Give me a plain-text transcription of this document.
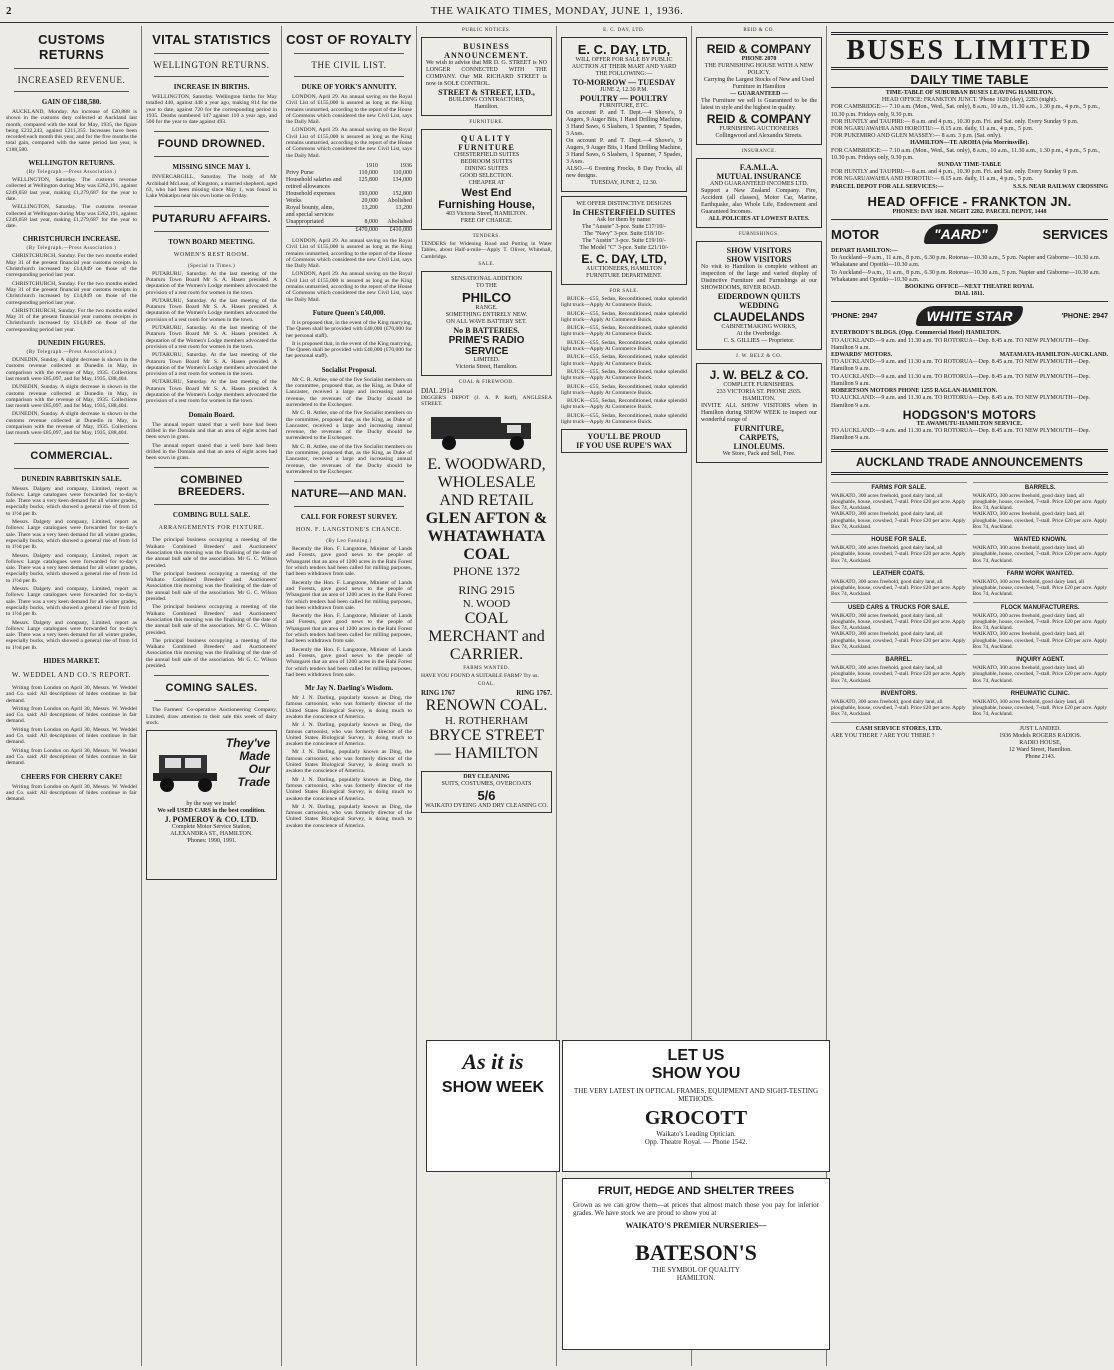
2	THE WAIKATO TIMES, MONDAY, JUNE 1, 1936.
CUSTOMS RETURNS
INCREASED REVENUE.
GAIN OF £188,580.

AUCKLAND, Monday. An increase of £20,888 is shown in the customs duty collected at Auckland last month, compared with the total for May, 1935, the figure being £232,243, against £211,355. Increases have been recorded each month this year, and for the five months the total gain, compared with the same period last year, is £188,580.

WELLINGTON RETURNS.
(By Telegraph.—Press Association.)

WELLINGTON, Saturday. The customs revenue collected at Wellington during May was £262,191, against £249,658 last year, making £1,279,687 for the year to date.

WELLINGTON, Saturday. The customs revenue collected at Wellington during May was £262,191, against £249,658 last year, making £1,279,687 for the year to date.

CHRISTCHURCH INCREASE.
(By Telegraph.—Press Association.)

CHRISTCHURCH, Sunday. For the two months ended May 31 of the present financial year customs receipts in Christchurch increased by £14,849 on those of the corresponding period last year.

CHRISTCHURCH, Sunday. For the two months ended May 31 of the present financial year customs receipts in Christchurch increased by £14,849 on those of the corresponding period last year.

CHRISTCHURCH, Sunday. For the two months ended May 31 of the present financial year customs receipts in Christchurch increased by £14,849 on those of the corresponding period last year.

DUNEDIN FIGURES.
(By Telegraph.—Press Association.)

DUNEDIN, Sunday. A slight decrease is shown in the customs revenue collected at Dunedin in May, in comparison with the revenue of May, 1935. Collections last month were £85,097, and for May, 1935, £88,404.

DUNEDIN, Sunday. A slight decrease is shown in the customs revenue collected at Dunedin in May, in comparison with the revenue of May, 1935. Collections last month were £85,097, and for May, 1935, £88,404.

DUNEDIN, Sunday. A slight decrease is shown in the customs revenue collected at Dunedin in May, in comparison with the revenue of May, 1935. Collections last month were £85,097, and for May, 1935, £88,404.

COMMERCIAL.
DUNEDIN RABBITSKIN SALE.

Messrs. Dalgety and company, Limited, report as follows: Large catalogues were forwarded for to-day's sale. There was a very keen demand for all winter grades, especially bucks, which showed a general rise of from 1d to 1½d per lb.

Messrs. Dalgety and company, Limited, report as follows: Large catalogues were forwarded for to-day's sale. There was a very keen demand for all winter grades, especially bucks, which showed a general rise of from 1d to 1½d per lb.

Messrs. Dalgety and company, Limited, report as follows: Large catalogues were forwarded for to-day's sale. There was a very keen demand for all winter grades, especially bucks, which showed a general rise of from 1d to 1½d per lb.

Messrs. Dalgety and company, Limited, report as follows: Large catalogues were forwarded for to-day's sale. There was a very keen demand for all winter grades, especially bucks, which showed a general rise of from 1d to 1½d per lb.

Messrs. Dalgety and company, Limited, report as follows: Large catalogues were forwarded for to-day's sale. There was a very keen demand for all winter grades, especially bucks, which showed a general rise of from 1d to 1½d per lb.

HIDES MARKET.
W. WEDDEL AND CO.'S REPORT.

Writing from London on April 30, Messrs. W. Weddel and Co. said: All descriptions of hides continue in fair demand.

Writing from London on April 30, Messrs. W. Weddel and Co. said: All descriptions of hides continue in fair demand.

Writing from London on April 30, Messrs. W. Weddel and Co. said: All descriptions of hides continue in fair demand.

Writing from London on April 30, Messrs. W. Weddel and Co. said: All descriptions of hides continue in fair demand.

CHEERS FOR CHERRY CAKE!

Writing from London on April 30, Messrs. W. Weddel and Co. said: All descriptions of hides continue in fair demand.

VITAL STATISTICS
WELLINGTON RETURNS.
INCREASE IN BIRTHS.

WELLINGTON, Saturday. Wellington births for May totalled 440, against 448 a year ago, making 814 for the year to date, against 720 for the corresponding period in 1935. Deaths numbered 147 against 110 a year ago, and 500 for the year to date against 493.

FOUND DROWNED.
MISSING SINCE MAY 1.

INVERCARGILL, Saturday. The body of Mr Archibald McLean, of Kingston, a married shepherd, aged 63, who had been missing since May 1, was found in Lake Wakatipu near his own home on Friday.

PUTARURU AFFAIRS.
TOWN BOARD MEETING.
WOMEN'S REST ROOM.
(Special to Times.)

PUTARURU, Saturday. At the last meeting of the Putaruru Town Board Mr S. A. Hasen presided. A deputation of the Women's Lodge members advocated the provision of a rest room for women in the town.

PUTARURU, Saturday. At the last meeting of the Putaruru Town Board Mr S. A. Hasen presided. A deputation of the Women's Lodge members advocated the provision of a rest room for women in the town.

PUTARURU, Saturday. At the last meeting of the Putaruru Town Board Mr S. A. Hasen presided. A deputation of the Women's Lodge members advocated the provision of a rest room for women in the town.

PUTARURU, Saturday. At the last meeting of the Putaruru Town Board Mr S. A. Hasen presided. A deputation of the Women's Lodge members advocated the provision of a rest room for women in the town.

PUTARURU, Saturday. At the last meeting of the Putaruru Town Board Mr S. A. Hasen presided. A deputation of the Women's Lodge members advocated the provision of a rest room for women in the town.

Domain Board.

The annual report stated that a well bore had been drilled in the Domain and that an area of eight acres had been sown in grass.

The annual report stated that a well bore had been drilled in the Domain and that an area of eight acres had been sown in grass.

COMBINED BREEDERS.
COMBING BULL SALE.
ARRANGEMENTS FOR FIXTURE.

The principal business occupying a meeting of the Waikato Combined Breeders' and Auctioneers' Association this morning was the finalising of the date of the annual bull sale of the association. Mr G. C. Wilson presided.

The principal business occupying a meeting of the Waikato Combined Breeders' and Auctioneers' Association this morning was the finalising of the date of the annual bull sale of the association. Mr G. C. Wilson presided.

The principal business occupying a meeting of the Waikato Combined Breeders' and Auctioneers' Association this morning was the finalising of the date of the annual bull sale of the association. Mr G. C. Wilson presided.

The principal business occupying a meeting of the Waikato Combined Breeders' and Auctioneers' Association this morning was the finalising of the date of the annual bull sale of the association. Mr G. C. Wilson presided.

COMING SALES.

The Farmers' Co-operative Auctioneering Company, Limited, draw attention to their sale this week of dairy stock.

They've
Made
Our
Trade
by the way we trade!
We sell USED CARS in the best condition.
J. POMEROY & CO. LTD.
Complete Motor Service Station,
ALEXANDRA ST., HAMILTON.
'Phones: 1990, 1991.
COST OF ROYALTY
THE CIVIL LIST.
DUKE OF YORK'S ANNUITY.

LONDON, April 29. An annual saving on the Royal Civil List of £155,000 is assured as long as the King remains unmarried, according to the report of the House of Commons which considered the new Civil List, says the Daily Mail.

LONDON, April 29. An annual saving on the Royal Civil List of £155,000 is assured as long as the King remains unmarried, according to the report of the House of Commons which considered the new Civil List, says the Daily Mail.

1910	1936
Privy Purse	110,000	110,000
Household salaries and retired allowances
125,800	134,000
Household expenses	193,000	152,800
Works	20,000	Abolished
Royal bounty, alms, and special services
13,200	13,200
Unappropriated	8,000	Abolished
£470,000	£410,000

LONDON, April 29. An annual saving on the Royal Civil List of £155,000 is assured as long as the King remains unmarried, according to the report of the House of Commons which considered the new Civil List, says the Daily Mail.

LONDON, April 29. An annual saving on the Royal Civil List of £155,000 is assured as long as the King remains unmarried, according to the report of the House of Commons which considered the new Civil List, says the Daily Mail.

Future Queen's £40,000.

It is proposed that, in the event of the King marrying, The Queen shall be provided with £40,000 (£70,000 for her personal staff).

It is proposed that, in the event of the King marrying, The Queen shall be provided with £40,000 (£70,000 for her personal staff).

Socialist Proposal.

Mr C. R. Attlee, one of the five Socialist members on the committee, proposed that, as the King, as Duke of Lancaster, received a large and increasing annual revenue, the revenues of the Duchy should be surrendered to the Exchequer.

Mr C. R. Attlee, one of the five Socialist members on the committee, proposed that, as the King, as Duke of Lancaster, received a large and increasing annual revenue, the revenues of the Duchy should be surrendered to the Exchequer.

Mr C. R. Attlee, one of the five Socialist members on the committee, proposed that, as the King, as Duke of Lancaster, received a large and increasing annual revenue, the revenues of the Duchy should be surrendered to the Exchequer.

NATURE—AND MAN.
CALL FOR FOREST SURVEY.
HON. F. LANGSTONE'S CHANCE.
(By Leo Fanning.)

Recently the Hon. F. Langstone, Minister of Lands and Forests, gave good news to the people of Whangarei that an area of 1200 acres in the Rahi Forest for which tenders had been called for milling purposes, had been withdrawn from sale.

Recently the Hon. F. Langstone, Minister of Lands and Forests, gave good news to the people of Whangarei that an area of 1200 acres in the Rahi Forest for which tenders had been called for milling purposes, had been withdrawn from sale.

Recently the Hon. F. Langstone, Minister of Lands and Forests, gave good news to the people of Whangarei that an area of 1200 acres in the Rahi Forest for which tenders had been called for milling purposes, had been withdrawn from sale.

Recently the Hon. F. Langstone, Minister of Lands and Forests, gave good news to the people of Whangarei that an area of 1200 acres in the Rahi Forest for which tenders had been called for milling purposes, had been withdrawn from sale.

Mr Jay N. Darling's Wisdom.

Mr J. N. Darling, popularly known as Ding, the famous cartoonist, who was formerly director of the United States Biological Survey, is doing much to awaken the conscience of America.

Mr J. N. Darling, popularly known as Ding, the famous cartoonist, who was formerly director of the United States Biological Survey, is doing much to awaken the conscience of America.

Mr J. N. Darling, popularly known as Ding, the famous cartoonist, who was formerly director of the United States Biological Survey, is doing much to awaken the conscience of America.

Mr J. N. Darling, popularly known as Ding, the famous cartoonist, who was formerly director of the United States Biological Survey, is doing much to awaken the conscience of America.

Mr J. N. Darling, popularly known as Ding, the famous cartoonist, who was formerly director of the United States Biological Survey, is doing much to awaken the conscience of America.

PUBLIC NOTICES.
BUSINESS ANNOUNCEMENT.
We wish to advise that MR D. G. STREET is NO LONGER CONNECTED WITH THE COMPANY. Our MR RICHARD STREET is now in SOLE CONTROL.
STREET & STREET, LTD.,
BUILDING CONTRACTORS,
Hamilton.
FURNITURE.
QUALITY
FURNITURE
CHESTERFIELD SUITES
BEDROOM SUITES
DINING SUITES
GOOD SELECTION.
CHEAPER AT
West End
Furnishing House,
403 Victoria Street, HAMILTON.
FREE OF CHARGE.
TENDERS.
TENDERS for Widening Road and Putting in Water Tables, about Half-a-mile—Apply T. Oliver, Whitehall, Cambridge.
SALE.
SENSATIONAL ADDITION
TO THE
PHILCO
RANGE.
SOMETHING ENTIRELY NEW.
ON ALL WAVE BATTERY SET.
No B BATTERIES.
PRIME'S RADIO SERVICE
LIMITED.
Victoria Street, Hamilton.
COAL & FIREWOOD.
DIAL 2914
DIGGER'S DEPOT (J. A. P. Roff), ANGLESEA STREET.
E. WOODWARD, WHOLESALE AND RETAIL
GLEN AFTON & WHATAWHATA COAL
PHONE 1372
RING 2915
N. WOOD
COAL MERCHANT and CARRIER.
FARMS WANTED.
HAVE YOU FOUND A SUITABLE FARM? Try us.
COAL.
RING 1767	RING 1767.
RENOWN COAL.
H. ROTHERHAM
BRYCE STREET — HAMILTON
DRY CLEANING
SUITS, COSTUMES, OVERCOATS
5/6
WAIKATO DYEING AND DRY CLEANING CO.
E. C. DAY, LTD.
E. C. DAY, LTD,
WILL OFFER FOR SALE BY PUBLIC AUCTION AT THEIR MART AND YARD THE FOLLOWING:—
TO-MORROW — TUESDAY
JUNE 2, 12.30 P.M.
POULTRY — POULTRY
FURNITURE, ETC.
On account P. and T. Dept.—4 Shove's, 9 Augers, 9 Auger Bits, 1 Hand Drilling Machine, 3 Hand Saws, 6 Slashers, 1 Spanner, 7 Spades, 3 Axes.
On account P. and T. Dept.—4 Shove's, 9 Augers, 9 Auger Bits, 1 Hand Drilling Machine, 3 Hand Saws, 6 Slashers, 1 Spanner, 7 Spades, 3 Axes.
ALSO.—6 Evening Frocks, 8 Day Frocks, all new designs.
TUESDAY, JUNE 2, 12.30.
WE OFFER DISTINCTIVE DESIGNS
In CHESTERFIELD SUITES
Ask for them by name:
The "Aussie" 3-pce. Suite £17/10/-
The "Navy" 3-pce. Suite £18/10/-
The "Austin" 3-pce. Suite £19/10/-
The Model "C" 3-pce. Suite £21/10/-
E. C. DAY, LTD,
AUCTIONEERS, HAMILTON
FURNITURE DEPARTMENT.
FOR SALE.

BUICK—£55, Sedan, Reconditioned, make splendid light truck—Apply At Commerce Buick.

BUICK—£55, Sedan, Reconditioned, make splendid light truck—Apply At Commerce Buick.

BUICK—£55, Sedan, Reconditioned, make splendid light truck—Apply At Commerce Buick.

BUICK—£55, Sedan, Reconditioned, make splendid light truck—Apply At Commerce Buick.

BUICK—£55, Sedan, Reconditioned, make splendid light truck—Apply At Commerce Buick.

BUICK—£55, Sedan, Reconditioned, make splendid light truck—Apply At Commerce Buick.

BUICK—£55, Sedan, Reconditioned, make splendid light truck—Apply At Commerce Buick.

BUICK—£55, Sedan, Reconditioned, make splendid light truck—Apply At Commerce Buick.

BUICK—£55, Sedan, Reconditioned, make splendid light truck—Apply At Commerce Buick.

YOU'LL BE PROUD
IF YOU USE RUPE'S WAX
REID & CO.
REID & COMPANY
PHONE 2070
THE FURNISHING HOUSE WITH A NEW POLICY.
Carrying the Largest Stocks of New and Used Furniture in Hamilton
— GUARANTEED —
The Furniture we sell is Guaranteed to be the latest in style and the highest in quality.
REID & COMPANY
FURNISHING AUCTIONEERS
Collingwood and Alexandra Streets.
INSURANCE.
F.A.M.L.A.
MUTUAL INSURANCE
AND GUARANTEED INCOMES LTD.
Support a New Zealand Company. Fire, Accident (all classes), Motor Car, Marine, Earthquake, also Whole Life, Endowment and Guaranteed Incomes.
ALL POLICIES AT LOWEST RATES.
FURNISHINGS.
SHOW VISITORS
SHOW VISITORS
No visit to Hamilton is complete without an inspection of the large and varied display of Distinctive Furniture and Furnishings at our SHOWROOMS, RIVER ROAD.
EIDERDOWN QUILTS
WEDDING
CLAUDELANDS
CABINETMAKING WORKS,
At the Overbridge.
C. S. GILLIES — Proprietor.
J. W. BELZ & CO.
J. W. BELZ & CO.
COMPLETE FURNISHERS.
233 VICTORIA ST. PHONE 2935.
HAMILTON.
INVITE ALL SHOW VISITORS when in Hamilton during SHOW WEEK to inspect our wonderful range of
FURNITURE,
CARPETS,
LINOLEUMS.
We Store, Pack and Sell, Free.
BUSES LIMITED
DAILY TIME TABLE
TIME-TABLE OF SUBURBAN BUSES LEAVING HAMILTON.
HEAD OFFICE: FRANKTON JUNCT. 'Phone 1620 (day), 2283 (night).
FOR CAMBRIDGE:— 7.10 a.m. (Mon., Wed., Sat. only), 8 a.m., 10 a.m., 11.30 a.m., 1.30 p.m., 4 p.m., 5 p.m., 10.30 p.m. Fridays only, 9.30 p.m.
FOR HUNTLY and TAUPIRI:— 8 a.m. and 4 p.m., 10.30 p.m. Fri. and Sat. only. Every Sunday 9 p.m.
FOR NGARUAWAHIA AND HOROTIU:— 8.15 a.m. daily, 11 a.m., 4 p.m., 5 p.m.
FOR PUKEMIRO AND GLEN MASSEY:— 8 a.m. 3 p.m. (Sat. only).
HAMILTON—TE AROHA (via Morrinsville).
FOR CAMBRIDGE:— 7.10 a.m. (Mon., Wed., Sat. only), 8 a.m., 10 a.m., 11.30 a.m., 1.30 p.m., 4 p.m., 5 p.m., 10.30 p.m. Fridays only, 9.30 p.m.
SUNDAY TIME-TABLE
FOR HUNTLY and TAUPIRI:— 8 a.m. and 4 p.m., 10.30 p.m. Fri. and Sat. only. Every Sunday 9 p.m.
FOR NGARUAWAHIA AND HOROTIU:— 8.15 a.m. daily, 11 a.m., 4 p.m., 5 p.m.
PARCEL DEPOT FOR ALL SERVICES:—	S.S.S. NEAR RAILWAY CROSSING
HEAD OFFICE - FRANKTON JN.
PHONES: DAY 1620. NIGHT 2282. PARCEL DEPOT, 1448
MOTOR	"AARD"	SERVICES
DEPART HAMILTON:—
To Auckland—9 a.m., 11 a.m., 8 p.m., 6.30 p.m. Rotorua—10.30 a.m., 5 p.m. Napier and Gisborne—10.30 a.m. Whakatane and Opotiki—10.30 a.m.
To Auckland—9 a.m., 11 a.m., 8 p.m., 6.30 p.m. Rotorua—10.30 a.m., 5 p.m. Napier and Gisborne—10.30 a.m. Whakatane and Opotiki—10.30 a.m.
BOOKING OFFICE—NEXT THEATRE ROYAL
DIAL 1811.
'PHONE: 2947	WHITE STAR	'PHONE: 2947
EVERYBODY'S BLDGS. (Opp. Commercial Hotel) HAMILTON.
TO AUCKLAND:—9 a.m. and 11.30 a.m. TO ROTORUA—Dep. 8.45 a.m. TO NEW PLYMOUTH—Dep. Hamilton 9 a.m.
EDWARDS' MOTORS.	MATAMATA-HAMILTON-AUCKLAND.
TO AUCKLAND:—9 a.m. and 11.30 a.m. TO ROTORUA—Dep. 8.45 a.m. TO NEW PLYMOUTH—Dep. Hamilton 9 a.m.
TO AUCKLAND:—9 a.m. and 11.30 a.m. TO ROTORUA—Dep. 8.45 a.m. TO NEW PLYMOUTH—Dep. Hamilton 9 a.m.
ROBERTSON MOTORS PHONE 1255 RAGLAN-HAMILTON.
TO AUCKLAND:—9 a.m. and 11.30 a.m. TO ROTORUA—Dep. 8.45 a.m. TO NEW PLYMOUTH—Dep. Hamilton 9 a.m.
HODGSON'S MOTORS
TE AWAMUTU-HAMILTON SERVICE.
TO AUCKLAND:—9 a.m. and 11.30 a.m. TO ROTORUA—Dep. 8.45 a.m. TO NEW PLYMOUTH—Dep. Hamilton 9 a.m.
AUCKLAND TRADE ANNOUNCEMENTS
FARMS FOR SALE.
WAIKATO, 300 acres freehold, good dairy land, all ploughable, house, cowshed, 7-stall. Price £20 per acre. Apply Box 74, Auckland.
WAIKATO, 300 acres freehold, good dairy land, all ploughable, house, cowshed, 7-stall. Price £20 per acre. Apply Box 74, Auckland.
BARRELS.
WAIKATO, 300 acres freehold, good dairy land, all ploughable, house, cowshed, 7-stall. Price £20 per acre. Apply Box 74, Auckland.
WAIKATO, 300 acres freehold, good dairy land, all ploughable, house, cowshed, 7-stall. Price £20 per acre. Apply Box 74, Auckland.
HOUSE FOR SALE.
WAIKATO, 300 acres freehold, good dairy land, all ploughable, house, cowshed, 7-stall. Price £20 per acre. Apply Box 74, Auckland.
WANTED KNOWN.
WAIKATO, 300 acres freehold, good dairy land, all ploughable, house, cowshed, 7-stall. Price £20 per acre. Apply Box 74, Auckland.
LEATHER COATS.
WAIKATO, 300 acres freehold, good dairy land, all ploughable, house, cowshed, 7-stall. Price £20 per acre. Apply Box 74, Auckland.
FARM WORK WANTED.
WAIKATO, 300 acres freehold, good dairy land, all ploughable, house, cowshed, 7-stall. Price £20 per acre. Apply Box 74, Auckland.
USED CARS & TRUCKS FOR SALE.
WAIKATO, 300 acres freehold, good dairy land, all ploughable, house, cowshed, 7-stall. Price £20 per acre. Apply Box 74, Auckland.
WAIKATO, 300 acres freehold, good dairy land, all ploughable, house, cowshed, 7-stall. Price £20 per acre. Apply Box 74, Auckland.
FLOCK MANUFACTURERS.
WAIKATO, 300 acres freehold, good dairy land, all ploughable, house, cowshed, 7-stall. Price £20 per acre. Apply Box 74, Auckland.
WAIKATO, 300 acres freehold, good dairy land, all ploughable, house, cowshed, 7-stall. Price £20 per acre. Apply Box 74, Auckland.
BARREL.
WAIKATO, 300 acres freehold, good dairy land, all ploughable, house, cowshed, 7-stall. Price £20 per acre. Apply Box 74, Auckland.
INQUIRY AGENT.
WAIKATO, 300 acres freehold, good dairy land, all ploughable, house, cowshed, 7-stall. Price £20 per acre. Apply Box 74, Auckland.
INVENTORS.
WAIKATO, 300 acres freehold, good dairy land, all ploughable, house, cowshed, 7-stall. Price £20 per acre. Apply Box 74, Auckland.
RHEUMATIC CLINIC.
WAIKATO, 300 acres freehold, good dairy land, all ploughable, house, cowshed, 7-stall. Price £20 per acre. Apply Box 74, Auckland.
CASH SERVICE STORES, LTD.
ARE YOU THERE ? ARE YOU THERE ?
JUST LANDED.
1936 Models ROGERS RADIOS.
RADIO HOUSE,
12 Ward Street, Hamilton.
Phone 2143.
As it is
SHOW WEEK
LET US
SHOW YOU
THE VERY LATEST IN OPTICAL FRAMES, EQUIPMENT AND SIGHT-TESTING METHODS.
GROCOTT
Waikato's Leading Optician.
Opp. Theatre Royal. — Phone 1542.
FRUIT, HEDGE AND SHELTER TREES
Grown as we can grow them—at prices that almost match those you pay for inferior grades. We have stock we are proud to show you at
WAIKATO'S PREMIER NURSERIES—
BATESON'S
THE SYMBOL OF QUALITY
HAMILTON.
